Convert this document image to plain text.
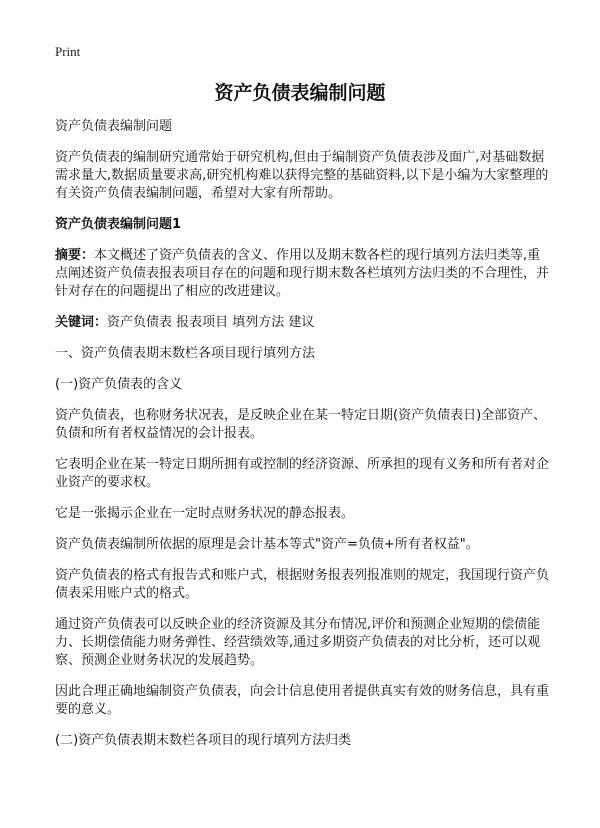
Print
资产负债表编制问题

资产负债表编制问题

资产负债表的编制研究通常始于研究机构,但由于编制资产负债表涉及面广,对基础数据需求量大,数据质量要求高,研究机构难以获得完整的基础资料,以下是小编为大家整理的有关资产负债表编制问题，希望对大家有所帮助。

资产负债表编制问题1

摘要：本文概述了资产负债表的含义、作用以及期末数各栏的现行填列方法归类等,重点阐述资产负债表报表项目存在的问题和现行期末数各栏填列方法归类的不合理性，并针对存在的问题提出了相应的改进建议。

关键词：资产负债表 报表项目 填列方法 建议

一、资产负债表期末数栏各项目现行填列方法

(一)资产负债表的含义

资产负债表，也称财务状况表，是反映企业在某一特定日期(资产负债表日)全部资产、负债和所有者权益情况的会计报表。

它表明企业在某一特定日期所拥有或控制的经济资源、所承担的现有义务和所有者对企业资产的要求权。

它是一张揭示企业在一定时点财务状况的静态报表。

资产负债表编制所依据的原理是会计基本等式"资产=负债+所有者权益"。

资产负债表的格式有报告式和账户式，根据财务报表列报准则的规定，我国现行资产负债表采用账户式的格式。

通过资产负债表可以反映企业的经济资源及其分布情况,评价和预测企业短期的偿债能力、长期偿债能力财务弹性、经营绩效等,通过多期资产负债表的对比分析，还可以观察、预测企业财务状况的发展趋势。

因此合理正确地编制资产负债表，向会计信息使用者提供真实有效的财务信息，具有重要的意义。

(二)资产负债表期末数栏各项目的现行填列方法归类
